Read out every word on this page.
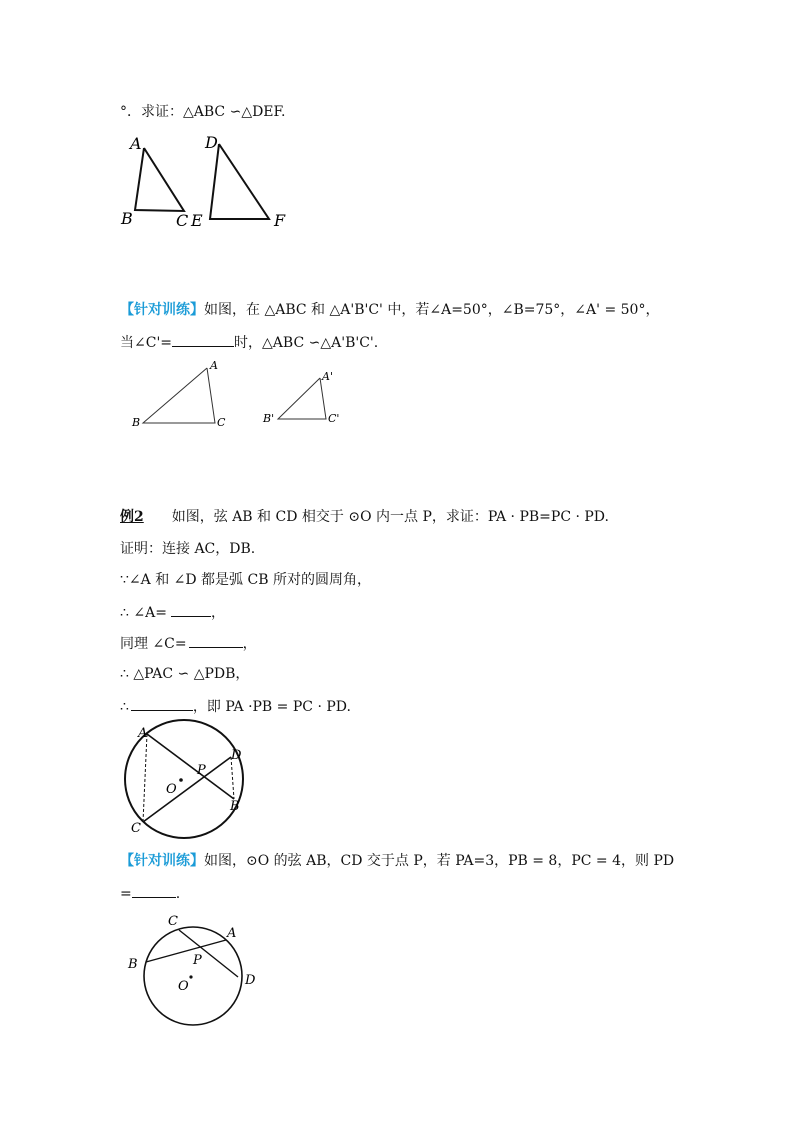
°．求证：△ABC ∽△DEF.
A
B	C
D
E	F
【针对训练】如图，在 △ABC 和 △A'B'C' 中，若∠A=50°，∠B=75°，∠A' = 50°，
当∠C'=	时，△ABC ∽△A'B'C'.
A
B	C
A'
B'	C'
例2 如图，弦 AB 和 CD 相交于 ⊙O 内一点 P，求证：PA · PB=PC · PD.
证明：连接 AC，DB.
∵∠A 和 ∠D 都是弧 CB 所对的圆周角，
∴ ∠A=	，
同理 ∠C=	，
∴ △PAC ∽ △PDB，
∴	，即 PA ·PB = PC · PD.
A
B
C
D
P
O
【针对训练】如图，⊙O 的弦 AB，CD 交于点 P，若 PA=3，PB = 8，PC = 4，则 PD
=	.
C
A
B	P
O	D
